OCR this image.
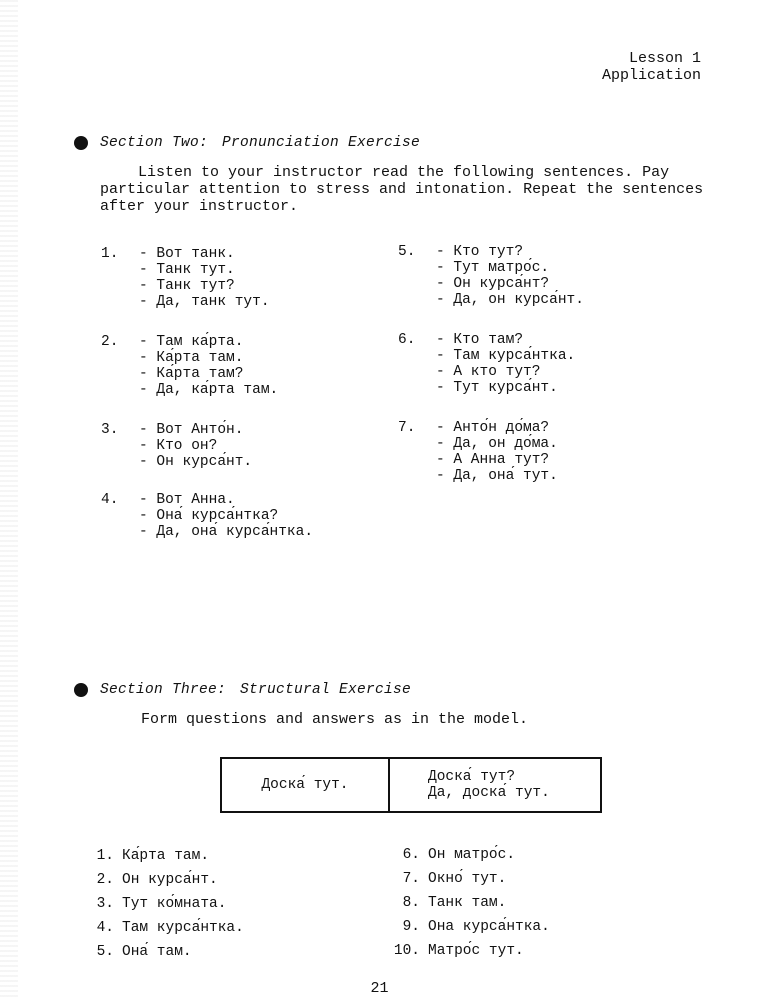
Lesson 1
Application
Section Two: Pronunciation Exercise

Listen to your instructor read the following sentences. Pay particular attention to stress and intonation. Repeat the sentences after your instructor.

1. - Вот танк.
- Танк тут.
- Танк тут?
- Да, танк тут.
2. - Там ка́рта.
- Ка́рта там.
- Ка́рта там?
- Да, ка́рта там.
3. - Вот Анто́н.
- Кто он?
- Он курса́нт.
4. - Вот Анна.
- Она́ курса́нтка?
- Да, она́ курса́нтка.
5. - Кто тут?
- Тут матро́с.
- Он курса́нт?
- Да, он курса́нт.
6. - Кто там?
- Там курса́нтка.
- А кто тут?
- Тут курса́нт.
7. - Анто́н до́ма?
- Да, он до́ма.
- А Анна тут?
- Да, она́ тут.
Section Three: Structural Exercise
Form questions and answers as in the model.
Доска́ тут.	Доска́ тут?
Да, доска́ тут.
1. Ка́рта там.
2. Он курса́нт.
3. Тут ко́мната.
4. Там курса́нтка.
5. Она́ там.
6. Он матро́с.
7. Окно́ тут.
8. Танк там.
9. Она курса́нтка.
10. Матро́с тут.
21
